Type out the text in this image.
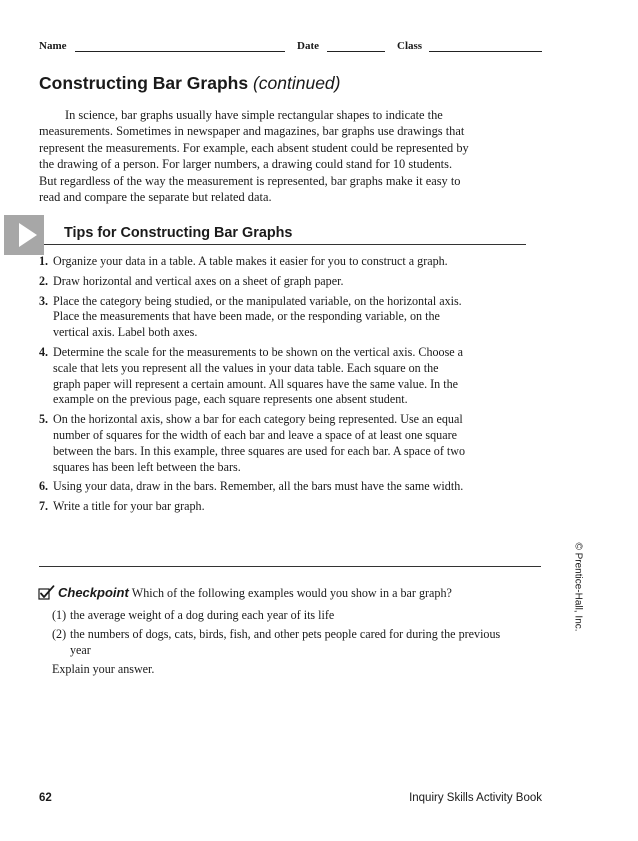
Name	Date	Class
Constructing Bar Graphs (continued)

In science, bar graphs usually have simple rectangular shapes to indicate the measurements. Sometimes in newspaper and magazines, bar graphs use drawings that represent the measurements. For example, each absent student could be represented by the drawing of a person. For larger numbers, a drawing could stand for 10 students. But regardless of the way the measurement is represented, bar graphs make it easy to read and compare the separate but related data.

Tips for Constructing Bar Graphs
1. Organize your data in a table. A table makes it easier for you to construct a graph.
2. Draw horizontal and vertical axes on a sheet of graph paper.
3. Place the category being studied, or the manipulated variable, on the horizontal axis. Place the measurements that have been made, or the responding variable, on the vertical axis. Label both axes.
4. Determine the scale for the measurements to be shown on the vertical axis. Choose a scale that lets you represent all the values in your data table. Each square on the graph paper will represent a certain amount. All squares have the same value. In the example on the previous page, each square represents one absent student.
5. On the horizontal axis, show a bar for each category being represented. Use an equal number of squares for the width of each bar and leave a space of at least one square between the bars. In this example, three squares are used for each bar. A space of two squares has been left between the bars.
6. Using your data, draw in the bars. Remember, all the bars must have the same width.
7. Write a title for your bar graph.
Checkpoint Which of the following examples would you show in a bar graph?
(1) the average weight of a dog during each year of its life
(2) the numbers of dogs, cats, birds, fish, and other pets people cared for during the previous year
Explain your answer.
© Prentice-Hall, Inc.
62	Inquiry Skills Activity Book
